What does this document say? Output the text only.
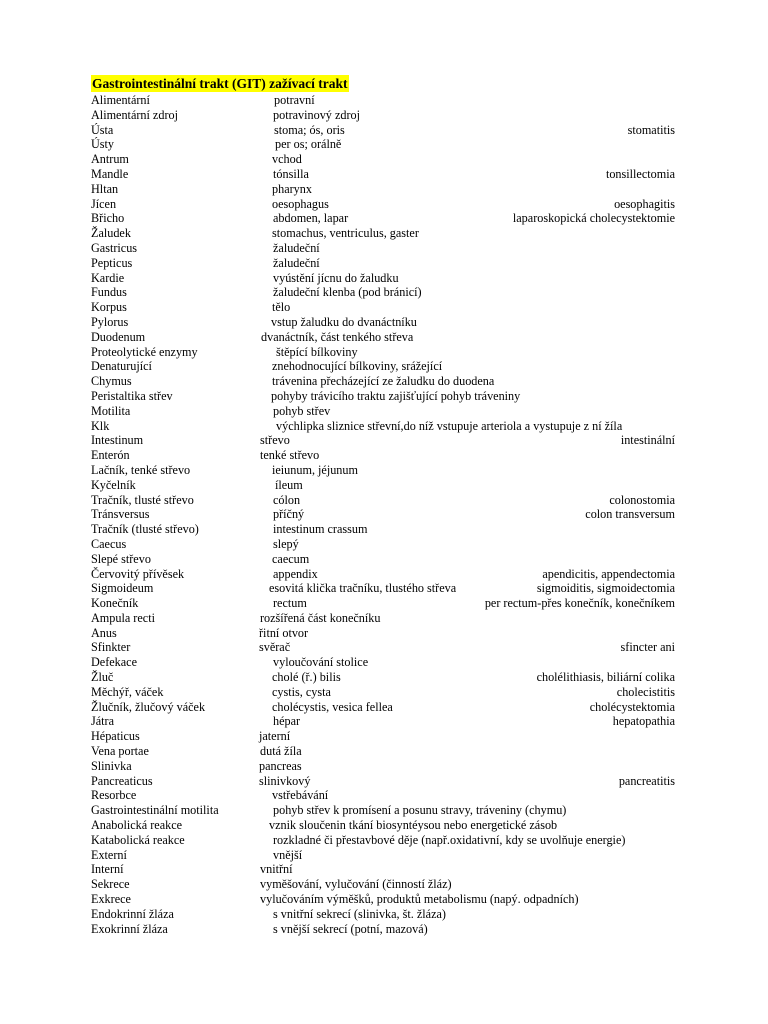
Gastrointestinální trakt (GIT) zažívací trakt
Alimentární	potravní
Alimentární zdroj	potravinový zdroj
Ústa	stoma; ós, oris	stomatitis
Ústy	per os; orálně
Antrum	vchod
Mandle	tónsilla	tonsillectomia
Hltan	pharynx
Jícen	oesophagus	oesophagitis
Břicho	abdomen, lapar	laparoskopická cholecystektomie
Žaludek	stomachus, ventriculus, gaster
Gastricus	žaludeční
Pepticus	žaludeční
Kardie	vyústění jícnu do žaludku
Fundus	žaludeční klenba (pod bránicí)
Korpus	tělo
Pylorus	vstup žaludku do dvanáctníku
Duodenum	dvanáctník, část tenkého střeva
Proteolytické enzymy	štěpící bílkoviny
Denaturující	znehodnocující bílkoviny, srážející
Chymus	trávenina přecházející ze žaludku do duodena
Peristaltika střev	pohyby trávicího traktu zajišťující pohyb tráveniny
Motilita	pohyb střev
Klk	výchlipka sliznice střevní,do níž vstupuje arteriola a vystupuje z ní žíla
Intestinum	střevo	intestinální
Enterón	tenké střevo
Lačník, tenké střevo	ieiunum, jéjunum
Kyčelník	íleum
Tračník, tlusté střevo	cólon	colonostomia
Tránsversus	příčný	colon transversum
Tračník (tlusté střevo)	intestinum crassum
Caecus	slepý
Slepé střevo	caecum
Červovitý přívěsek	appendix	apendicitis, appendectomia
Sigmoideum	esovitá klička tračníku, tlustého střeva	sigmoiditis, sigmoidectomia
Konečník	rectum	per rectum-přes konečník, konečníkem
Ampula recti	rozšířená část konečníku
Anus	řitní otvor
Sfinkter	svěrač	sfincter ani
Defekace	vyloučování stolice
Žluč	cholé (ř.) bilis	cholélithiasis, biliární colika
Měchýř, váček	cystis, cysta	cholecistitis
Žlučník, žlučový váček	cholécystis, vesica fellea	cholécystektomia
Játra	hépar	hepatopathia
Hépaticus	jaterní
Vena portae	dutá žíla
Slinivka	pancreas
Pancreaticus	slinivkový	pancreatitis
Resorbce	vstřebávání
Gastrointestinální motilita	pohyb střev k promísení a posunu stravy, tráveniny (chymu)
Anabolická reakce	vznik sloučenin tkání biosyntéysou nebo energetické zásob
Katabolická reakce	rozkladné či přestavbové děje (např.oxidativní, kdy se uvolňuje energie)
Externí	vnější
Interní	vnitřní
Sekrece	vyměšování, vylučování (činností žláz)
Exkrece	vylučováním výměšků, produktů metabolismu (napý. odpadních)
Endokrinní žláza	s vnitřní sekrecí (slinivka, št. žláza)
Exokrinní žláza	s vnější sekrecí (potní, mazová)
